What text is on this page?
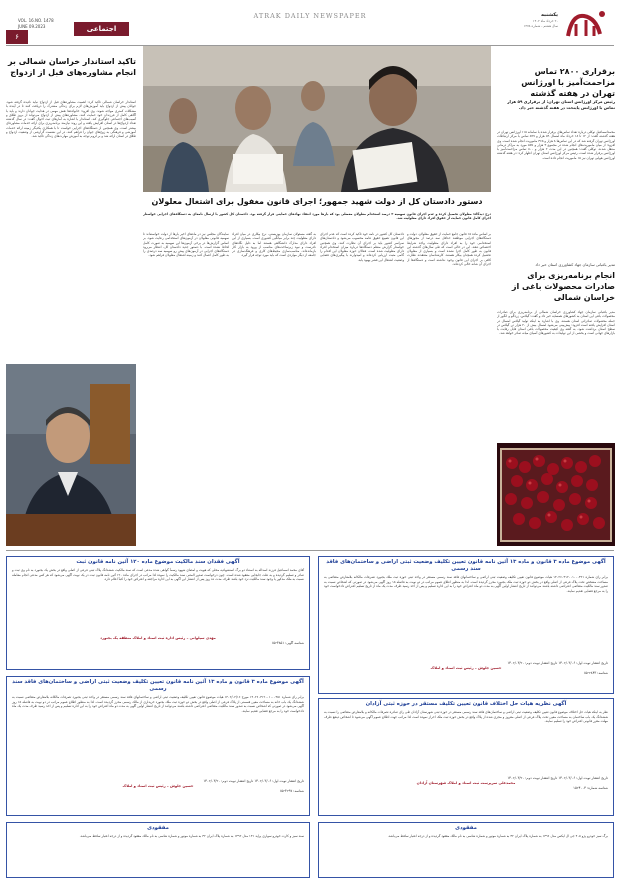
یکشنبه
۲۰ خرداد ماه ۱۴۰۲
سال هشتم - شماره ۱۴۷۸
ATRAK DAILY NEWSPAPER
VOL. 16.NO. 1478
JUNE 09.2023	اجتماعی
۶
برقراری ۲۸۰۰ تماس مزاحمت‌آمیز با اورژانس تهران در هفته گذشته
رئیس مرکز اورژانس استان تهران: از برقراری ۵۹ هزار تماس با اورژانس پایتخت در هفته گذشته خبر داد.
محمداسماعیل توکلی درباره تعداد تماس‌های برقرار شده با سامانه ۱۱۵ اورژانس تهران در هفته گذشته گفت: از ۱۲ تا ۱۸ خرداد ماه امسال ۵۹ هزار و ۵۲۷ تماس با مرکز ارتباطات اورژانس تهران گرفته شد که در این تماس‌ها ۸ هزار و ۳۶۵ ماموریت انجام شده است. وی افزود: از میان ماموریت‌های انجام شده در مجموع ۳ هزار و ۵۵۷ مورد به مراکز درمانی منتقل شدند. توکلی گفت: همچنین در این مدت ۲ هزار و ۸۰۰ تماس مزاحمت‌آمیز با اورژانس برقرار شده است. رئیس مرکز اورژانس استان تهران اظهار کرد: در هفته گذشته اورژانس هوایی تهران نیز ۱۵ ماموریت انجام داده است.
مدیر باغبانی سازمان جهاد کشاورزی استان خبر داد
انجام برنامه‌ریزی برای صادرات محصولات باغی از خراسان شمالی
مدیر باغبانی سازمان جهاد کشاورزی خراسان شمالی از برنامه‌ریزی برای صادرات محصولات باغی این استان به کشورهای همسایه خبر داد و گفت: گیلاس، زردآلو و انگور از جمله محصولات صادراتی استان هستند. وی با اشاره به اینکه تولید گیلاس امسال در استان افزایش یافته است افزود: پیش‌بینی می‌شود امسال بیش از ۲۰ هزار تن گیلاس در سطح استان برداشت شود. به گفته وی کیفیت محصولات باغی استان قابل رقابت با بازارهای جهانی است و بخشی از این تولیدات به کشورهای آسیای میانه صادر خواهد شد.
تاکید استاندار خراسان شمالی بر انجام مشاوره‌های قبل از ازدواج
استاندار خراسان شمالی تاکید کرد: اهمیت مشاوره‌های قبل از ازدواج نباید نادیده گرفته شود. جوانان پیش از ازدواج باید آموزش‌های لازم برای زندگی مشترک را دریافت کنند تا در آینده با مشکلات کمتری مواجه شوند. وی افزود: خانواده‌ها نقش مهمی در هدایت جوانان دارند و باید با آگاهی کامل از فرزندان خود حمایت کنند. مشاوره‌های پیش از ازدواج می‌تواند از بروز طلاق و آسیب‌های اجتماعی جلوگیری کند. استاندار با اشاره به آمارهای ثبت احوال گفت: در سال گذشته تعداد ازدواج‌ها در استان افزایش یافته و این روند نیازمند برنامه‌ریزی برای ارائه خدمات مشاوره‌ای بیشتر است. وی همچنین از دستگاه‌های اجرایی خواست تا با همکاری یکدیگر زمینه ارائه خدمات آموزشی و فرهنگی به زوج‌های جوان را فراهم کنند. در این نشست گزارشی از وضعیت ازدواج و طلاق در استان ارائه شد و بر لزوم توجه به آموزش مهارت‌های زندگی تاکید شد.
دستور دادستان کل از دولت شهید جمهور؛ اجرای قانون مغفول برای اشتغال معلولان
درج دیدگاه: معلولان تحصیل کرده و عدم اجرای قانون سهمیه ۳ درصد استخدام معلولان معضلی بود که بارها مورد انتقاد نهادهای حمایتی قرار گرفته بود. دادستان کل کشور با ارسال نامه‌ای به دستگاه‌های اجرایی خواستار اجرای کامل قانون حمایت از حقوق افراد دارای معلولیت شد.
بر اساس ماده ۱۵ قانون جامع حمایت از حقوق معلولان، دولت و دستگاه‌های اجرایی موظفند حداقل سه درصد از مجوزهای استخدامی خود را به افراد دارای معلولیت واجد شرایط اختصاص دهند. این در حالی است که طی سال‌های گذشته این قانون به طور کامل اجرا نشده است و بسیاری از معلولان تحصیل کرده همچنان بیکار هستند. کارشناسان معتقدند نظارت کافی بر اجرای این قانون وجود نداشته است و دستگاه‌ها از اجرای آن شانه خالی کرده‌اند.
دادستان کل کشور در نامه خود تاکید کرده است که عدم اجرای این قانون تضییع حقوق عامه محسوب می‌شود و دادستان‌های سراسر کشور باید بر اجرای آن نظارت کنند. وی همچنین خواستار گزارش منظم دستگاه‌ها درباره میزان استخدام افراد دارای معلولیت شده است. فعالان حوزه معلولان این اقدام را گامی مثبت ارزیابی کرده‌اند و امیدوارند با پیگیری‌های قضایی وضعیت اشتغال این قشر بهبود یابد.
به گفته مسئولان سازمان بهزیستی، نرخ بیکاری در میان افراد دارای معلولیت چند برابر میانگین کشوری است. بسیاری از این افراد دارای مدارک دانشگاهی هستند اما به دلیل نگاه‌های نادرست و نبود زیرساخت‌های مناسب از ورود به بازار کار بازمانده‌اند. مناسب‌سازی محیط‌های کاری و فرهنگ‌سازی در جامعه از دیگر مواردی است که باید مورد توجه قرار گیرد.
نمایندگان مجلس نیز در ماه‌های اخیر بارها از دولت خواسته‌اند تا سهمیه قانونی معلولان در آزمون‌های استخدامی رعایت شود. بر اساس گزارش‌ها در برخی آزمون‌ها این سهمیه به صورت کامل لحاظ نشده است. با دستور جدید دادستان کل، انتظار می‌رود دستگاه‌های اجرایی در آزمون‌های پیش رو سهمیه سه درصدی را به طور کامل اعمال کنند و زمینه اشتغال معلولان فراهم شود.
آگهی موضوع ماده ۳ قانون و ماده ۱۳ آئین نامه قانون تعیین تکلیف وضعیت ثبتی اراضی و ساختمان‌های فاقد سند رسمی
برابر رای شماره ۱۴۰۲۶۰۳۱۲۰۰۱۰۰۰۳۲۱ هیات موضوع قانون تعیین تکلیف وضعیت ثبتی اراضی و ساختمانهای فاقد سند رسمی مستقر در واحد ثبتی حوزه ثبت ملک بجنورد تصرفات مالکانه بلامعارض متقاضی به مساحت مشخص تحت پلاک فرعی از اصلی واقع در بخش دو حوزه ثبت ملک بجنورد محرز گردیده است. لذا به منظور اطلاع عموم مراتب در دو نوبت به فاصله ۱۵ روز آگهی می‌شود در صورتی که اشخاص نسبت به صدور سند مالکیت متقاضی اعتراضی داشته باشند می‌توانند از تاریخ انتشار اولین آگهی به مدت دو ماه اعتراض خود را به این اداره تسلیم و پس از اخذ رسید ظرف مدت یک ماه از تاریخ تسلیم اعتراض دادخواست خود را به مرجع قضایی تقدیم نمایند.
تاریخ انتشار نوبت اول: ۱۴۰۲/۰۳/۰۶ تاریخ انتشار نوبت دوم: ۱۴۰۲/۰۳/۲۰
حسین جلوش – رئیس ثبت اسناد و املاک
شناسه: ۱۵۲۲۸۴۳
آگهی فقدان سند مالکیت موضوع ماده ۱۲۰ آئین نامه قانون ثبت
آقای محمد اسماعیل فرزند اسداله به استناد دو برگ استشهادیه محلی که هویت و امضای شهود رسماً گواهی شده مدعی است که سند مالکیت ششدانگ پلاک ثبتی فرعی از اصلی واقع در بخش یک بجنورد به نام وی ثبت و صادر و تسلیم گردیده و به علت جابجایی مفقود شده است. چون درخواست صدور المثنی سند مالکیت را نموده لذا مراتب در اجرای ماده ۱۲۰ آئین نامه قانون ثبت در یک نوبت آگهی می‌شود که هر کس مدعی انجام معامله نسبت به ملک مذکور یا وجود سند مالکیت نزد خود باشد ظرف مدت ده روز پس از انتشار این آگهی به این اداره مراجعه و اعتراض خود را کتباً اعلام دارد.
مهدی سیلوانی – رئیس اداره ثبت اسناد و املاک منطقه یک بجنورد
شناسه آگهی: ۱۵۲۳۸۵۱
آگهی نظریه هیات حل اختلاف قانون تعیین تکلیف مستقر در حوزه ثبتی آزادان
نظر به اینکه هیات حل اختلاف موضوع قانون تعیین تکلیف وضعیت ثبتی اراضی و ساختمان‌های فاقد سند رسمی مستقر در حوزه ثبتی شهرستان آزادان طی رای صادره تصرفات مالکانه و بلامعارض متقاضی را نسبت به ششدانگ یک باب ساختمان به مساحت معین تحت پلاک فرعی از اصلی مفروز و مجزی شده از پلاک واقع در بخش حوزه ثبت ملک احراز نموده است لذا مراتب جهت اطلاع عموم آگهی می‌شود تا اشخاص ذینفع ظرف مهلت مقرر قانونی اعتراض خود را تسلیم نمایند.
تاریخ انتشار نوبت اول: ۱۴۰۲/۰۳/۰۶ تاریخ انتشار نوبت دوم: ۱۴۰۲/۰۳/۲۰
محمدعلی سرپرست ثبت اسناد و املاک شهرستان آزادان
شناسه شماره: ۱۵۲۴۰۰۴
آگهی موضوع ماده ۳ قانون و ماده ۱۳ آئین نامه قانون تعیین تکلیف وضعیت ثبتی اراضی و ساختمان‌های فاقد سند رسمی
برابر رای شماره ۱۴۰۲۶۰۳۱۲۰۰۱۰۰۰۳۵۱ مورخ ۱۴۰۲/۰۲/۱۶ هیات موضوع قانون تعیین تکلیف وضعیت ثبتی اراضی و ساختمانهای فاقد سند رسمی مستقر در واحد ثبتی بجنورد تصرفات مالکانه بلامعارض متقاضی نسبت به ششدانگ یک باب خانه به مساحت معین قسمتی از پلاک فرعی از اصلی واقع در بخش دو حوزه ثبت ملک بجنورد خریداری از مالک رسمی محرز گردیده است. لذا به منظور اطلاع عموم مراتب در دو نوبت به فاصله ۱۵ روز آگهی می‌شود در صورتی که اشخاص نسبت به صدور سند مالکیت متقاضی اعتراضی داشته باشند می‌توانند از تاریخ انتشار اولین آگهی به مدت دو ماه اعتراض خود را به این اداره تسلیم و پس از اخذ رسید ظرف مدت یک ماه دادخواست خود را به مرجع قضایی تقدیم نمایند.
تاریخ انتشار نوبت اول: ۱۴۰۲/۰۳/۰۶ تاریخ انتشار نوبت دوم: ۱۴۰۲/۰۳/۲۰
حسین جلوش – رئیس ثبت اسناد و املاک
شناسه: ۱۵۲۳۲۹۷
مفقودی
برگ سبز خودرو پژو ۴۰۵ جی ال ایکس مدل ۱۳۹۶ به شماره پلاک ایران ۳۲ به شماره موتور و شماره شاسی به نام مالک مفقود گردیده و از درجه اعتبار ساقط می‌باشد.
مفقودی
سند سبز و کارت خودرو سواری پراید ۱۳۱ مدل ۱۳۹۲ به شماره پلاک ایران ۳۲ به شماره موتور و شماره شاسی به نام مالک مفقود گردیده و از درجه اعتبار ساقط می‌باشد.
